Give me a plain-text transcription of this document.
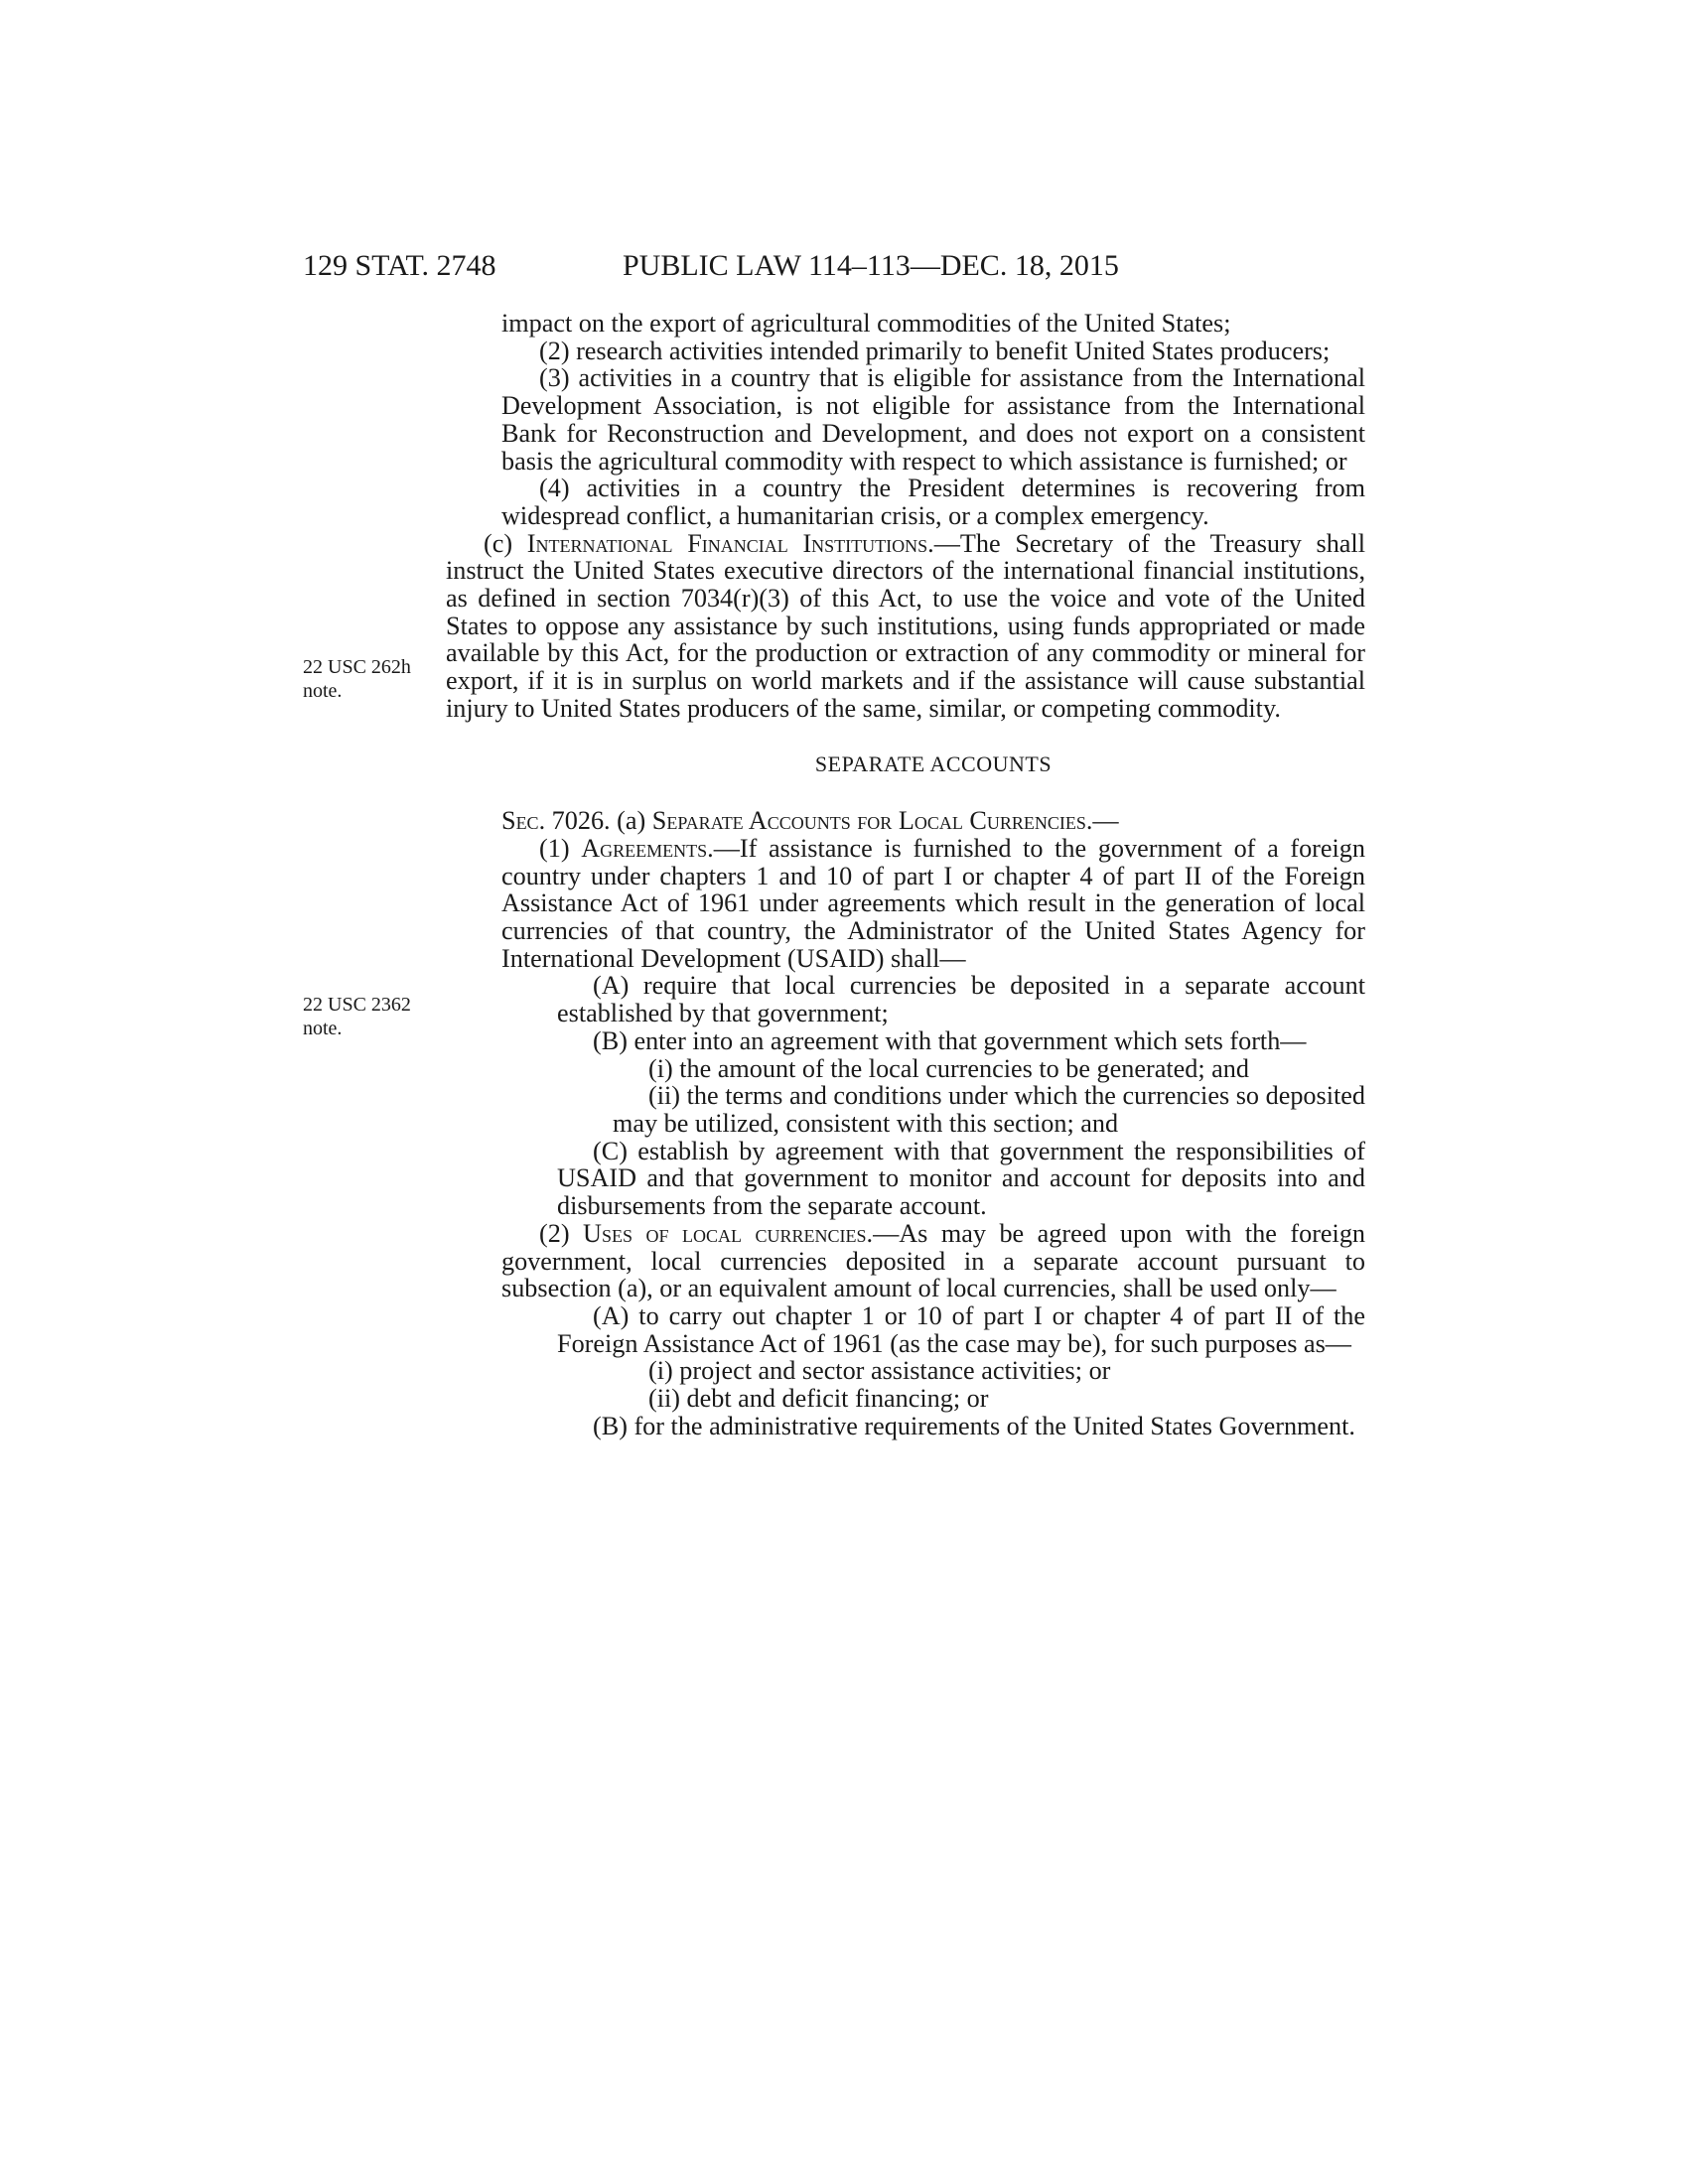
129 STAT. 2748	PUBLIC LAW 114–113—DEC. 18, 2015
22 USC 262h
note.
22 USC 2362
note.

impact on the export of agricultural commodities of the United States;

(2) research activities intended primarily to benefit United States producers;

(3) activities in a country that is eligible for assistance from the International Development Association, is not eligible for assistance from the International Bank for Reconstruction and Development, and does not export on a consistent basis the agricultural commodity with respect to which assistance is furnished; or

(4) activities in a country the President determines is recovering from widespread conflict, a humanitarian crisis, or a complex emergency.

(c) International Financial Institutions.—The Secretary of the Treasury shall instruct the United States executive directors of the international financial institutions, as defined in section 7034(r)(3) of this Act, to use the voice and vote of the United States to oppose any assistance by such institutions, using funds appropriated or made available by this Act, for the production or extraction of any commodity or mineral for export, if it is in surplus on world markets and if the assistance will cause substantial injury to United States producers of the same, similar, or competing commodity.

SEPARATE ACCOUNTS

Sec. 7026. (a) Separate Accounts for Local Currencies.—

(1) Agreements.—If assistance is furnished to the government of a foreign country under chapters 1 and 10 of part I or chapter 4 of part II of the Foreign Assistance Act of 1961 under agreements which result in the generation of local currencies of that country, the Administrator of the United States Agency for International Development (USAID) shall—

(A) require that local currencies be deposited in a separate account established by that government;

(B) enter into an agreement with that government which sets forth—

(i) the amount of the local currencies to be generated; and

(ii) the terms and conditions under which the currencies so deposited may be utilized, consistent with this section; and

(C) establish by agreement with that government the responsibilities of USAID and that government to monitor and account for deposits into and disbursements from the separate account.

(2) Uses of local currencies.—As may be agreed upon with the foreign government, local currencies deposited in a separate account pursuant to subsection (a), or an equivalent amount of local currencies, shall be used only—

(A) to carry out chapter 1 or 10 of part I or chapter 4 of part II of the Foreign Assistance Act of 1961 (as the case may be), for such purposes as—

(i) project and sector assistance activities; or

(ii) debt and deficit financing; or

(B) for the administrative requirements of the United States Government.
